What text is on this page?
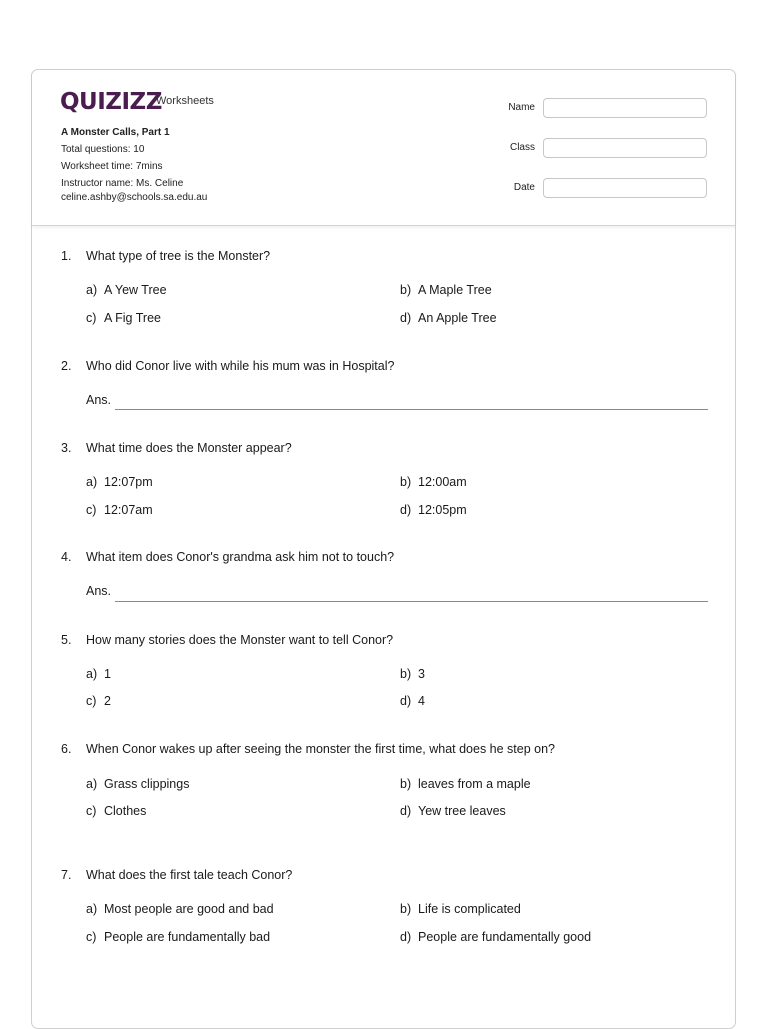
QUIZIZZ
Worksheets
A Monster Calls, Part 1
Total questions: 10
Worksheet time: 7mins
Instructor name: Ms. Celine
celine.ashby@schools.sa.edu.au
Name
Class
Date
1.	What type of tree is the Monster?
a) A Yew Tree	b) A Maple Tree
c) A Fig Tree	d) An Apple Tree
2.	Who did Conor live with while his mum was in Hospital?
Ans.
3.	What time does the Monster appear?
a) 12:07pm	b) 12:00am
c) 12:07am	d) 12:05pm
4.	What item does Conor's grandma ask him not to touch?
Ans.
5.	How many stories does the Monster want to tell Conor?
a) 1	b) 3
c) 2	d) 4
6.	When Conor wakes up after seeing the monster the first time, what does he step on?
a) Grass clippings	b) leaves from a maple
c) Clothes	d) Yew tree leaves
7.	What does the first tale teach Conor?
a) Most people are good and bad	b) Life is complicated
c) People are fundamentally bad	d) People are fundamentally good
